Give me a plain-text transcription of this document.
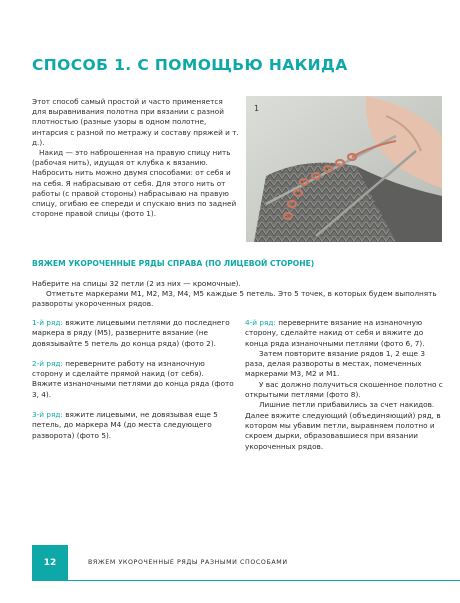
СПОСОБ 1. С ПОМОЩЬЮ НАКИДА

Этот способ самый простой и часто применяется для выравнивания полотна при вязании с разной плотностью (разные узоры в одном полотне, интарсия с разной по метражу и составу пряжей и т. д.).

Накид — это наброшенная на правую спицу нить (рабочая нить), идущая от клубка к вязанию. Набросить нить можно двумя способами: от себя и на себя. Я набрасываю от себя. Для этого нить от работы (с правой стороны) набрасываю на правую спицу, огибаю ее спереди и спускаю вниз по задней стороне правой спицы (фото 1).

1
ВЯЖЕМ УКОРОЧЕННЫЕ РЯДЫ СПРАВА (ПО ЛИЦЕВОЙ СТОРОНЕ)

Наберите на спицы 32 петли (2 из них — кромочные).

Отметьте маркерами М1, М2, М3, М4, М5 каждые 5 петель. Это 5 точек, в которых будем выполнять развороты укороченных рядов.

1-й ряд: вяжите лицевыми петлями до последнего маркера в ряду (М5), разверните вязание (не довязывайте 5 петель до конца ряда) (фото 2).

2-й ряд: переверните работу на изнаночную сторону и сделайте прямой накид (от себя). Вяжите изнаночными петлями до конца ряда (фото 3, 4).

3-й ряд: вяжите лицевыми, не довязывая еще 5 петель, до маркера М4 (до места следующего разворота) (фото 5).

4-й ряд: переверните вязание на изнаночную сторону, сделайте накид от себя и вяжите до конца ряда изнаночными петлями (фото 6, 7).

Затем повторите вязание рядов 1, 2 еще 3 раза, делая развороты в местах, помеченных маркерами М3, М2 и М1.

У вас должно получиться скошенное полотно с открытыми петлями (фото 8).

Лишние петли прибавились за счет накидов. Далее вяжите следующий (объединяющий) ряд, в котором мы убавим петли, выравняем полотно и скроем дырки, образовавшиеся при вязании укороченных рядов.

12	ВЯЖЕМ УКОРОЧЕННЫЕ РЯДЫ РАЗНЫМИ СПОСОБАМИ
